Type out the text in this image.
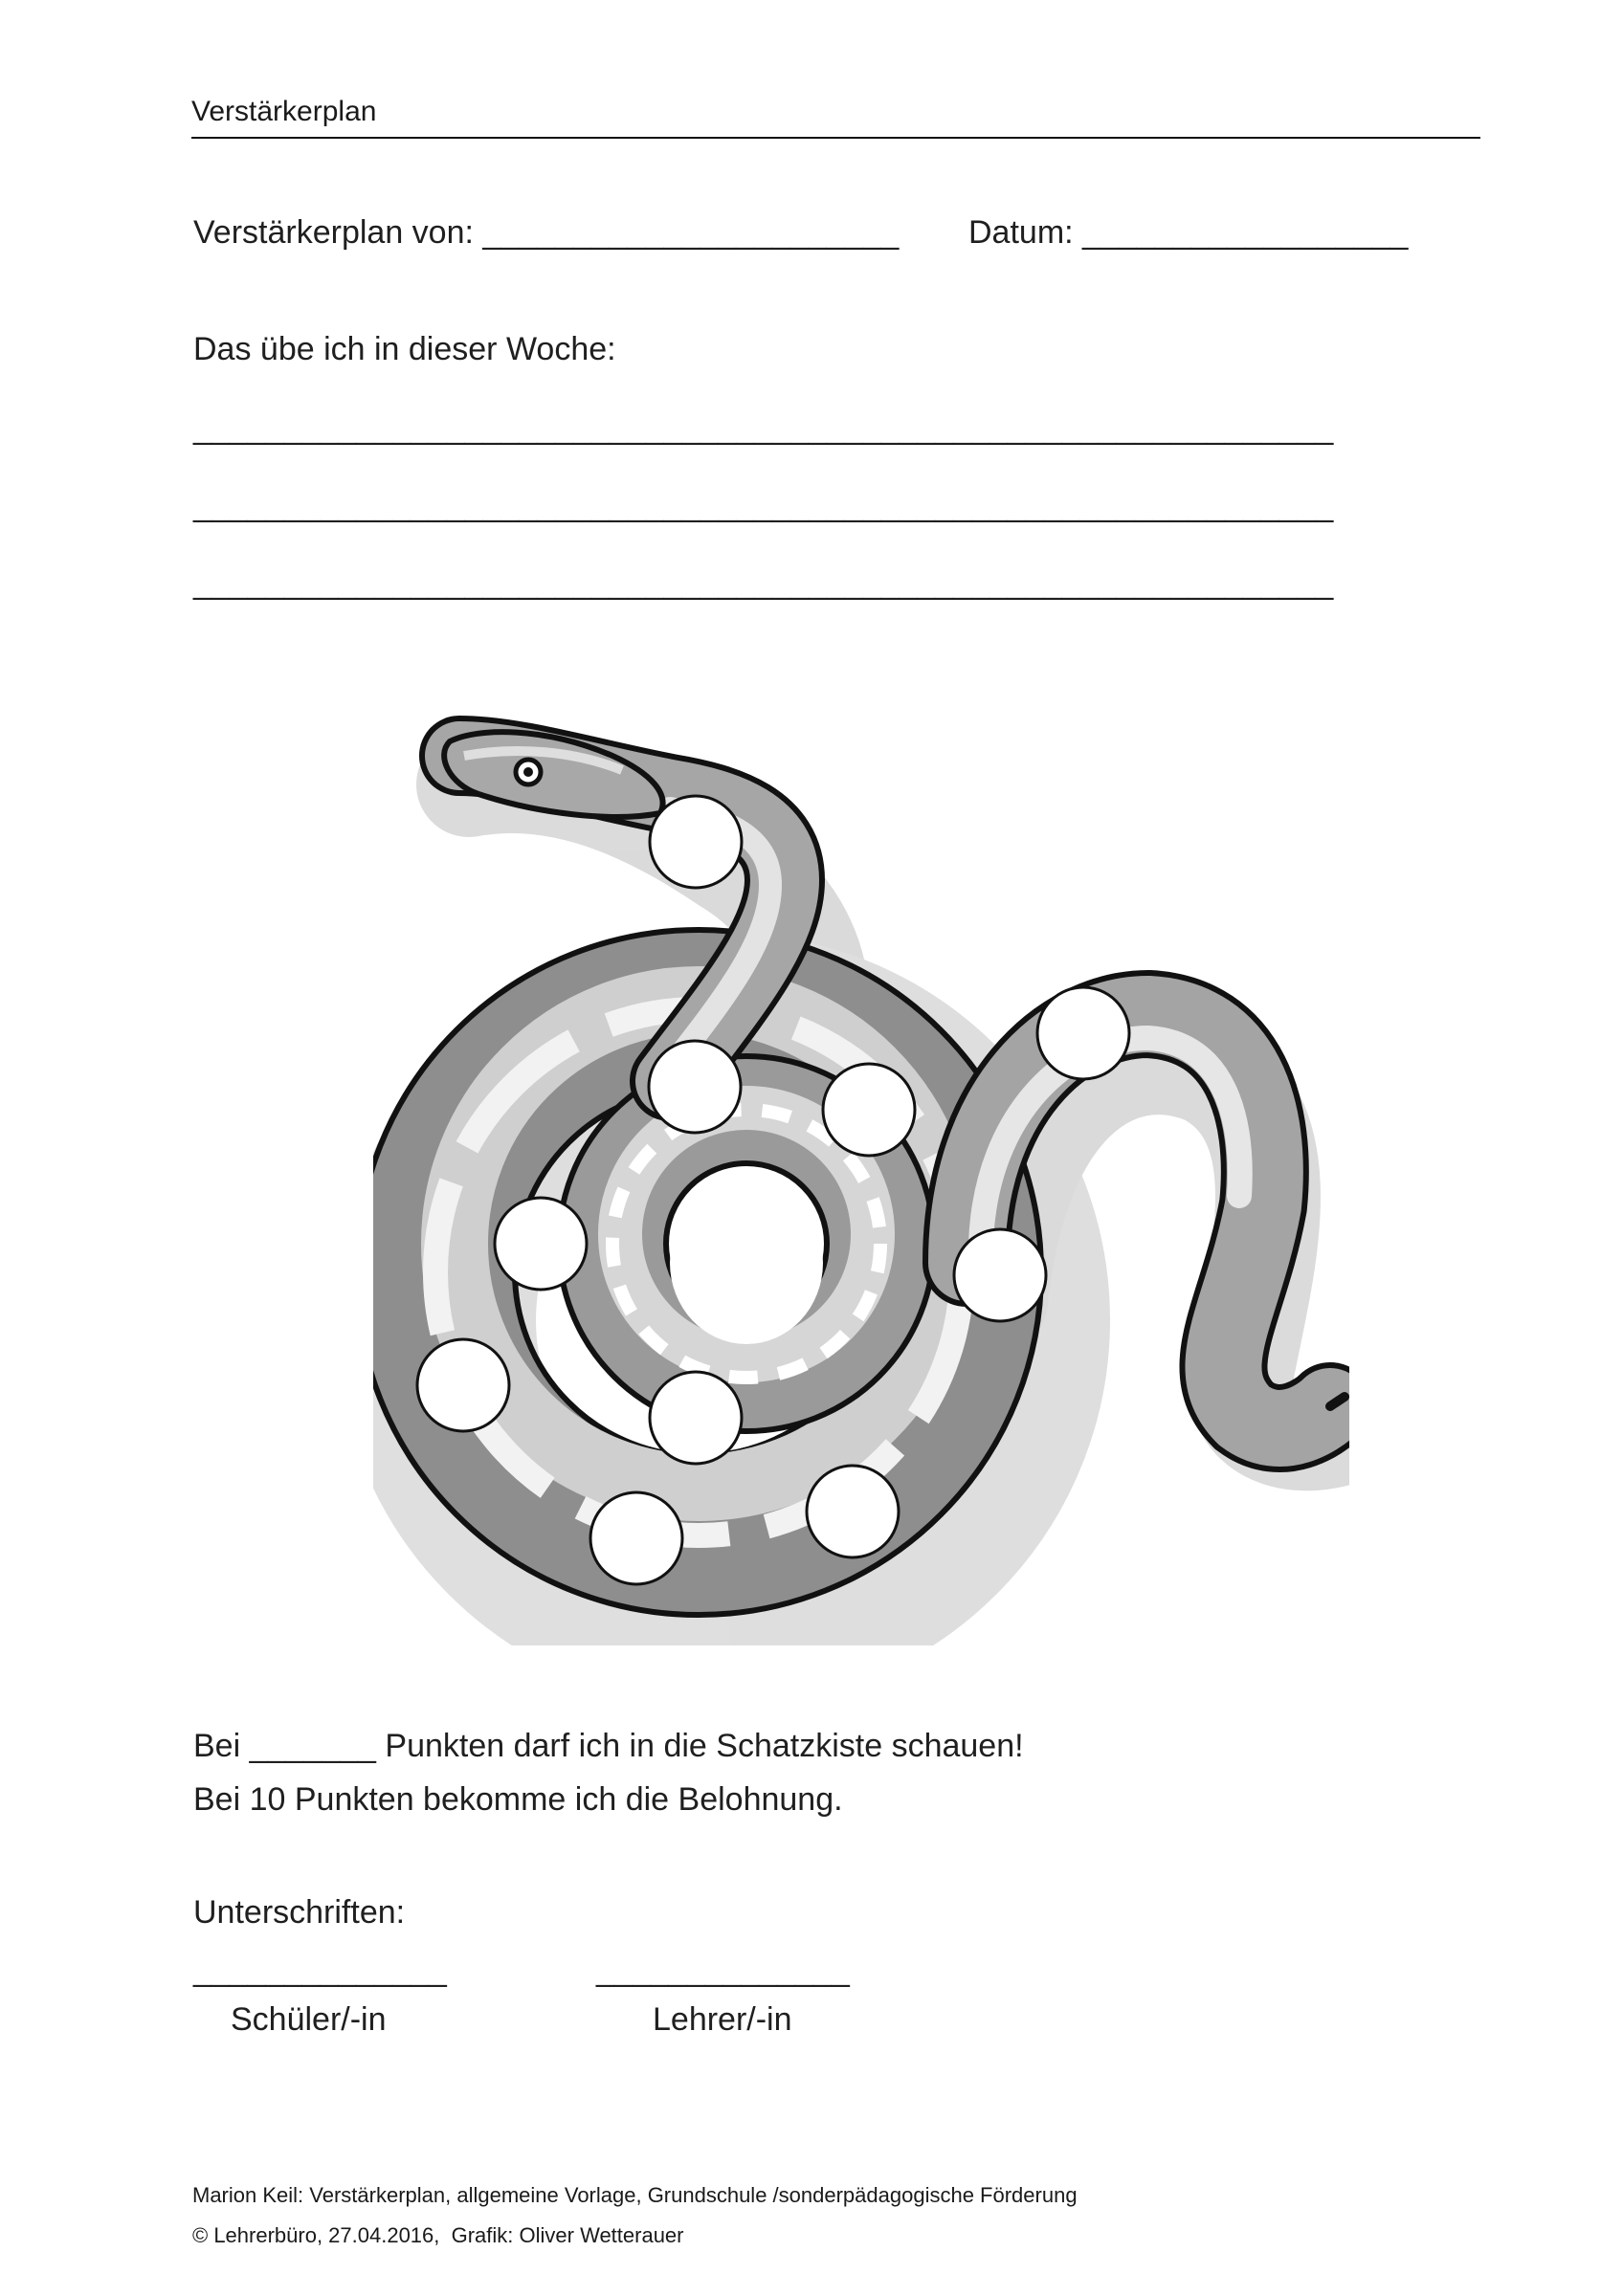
Verstärkerplan
Verstärkerplan von: _______________________ Datum: __________________
Das übe ich in dieser Woche:
_______________________________________________________________
_______________________________________________________________
_______________________________________________________________
Bei _______ Punkten darf ich in die Schatzkiste schauen!
Bei 10 Punkten bekomme ich die Belohnung.
Unterschriften:
______________	______________
Schüler/-in	Lehrer/-in
Marion Keil: Verstärkerplan, allgemeine Vorlage, Grundschule /sonderpädagogische Förderung
© Lehrerbüro, 27.04.2016,  Grafik: Oliver Wetterauer
